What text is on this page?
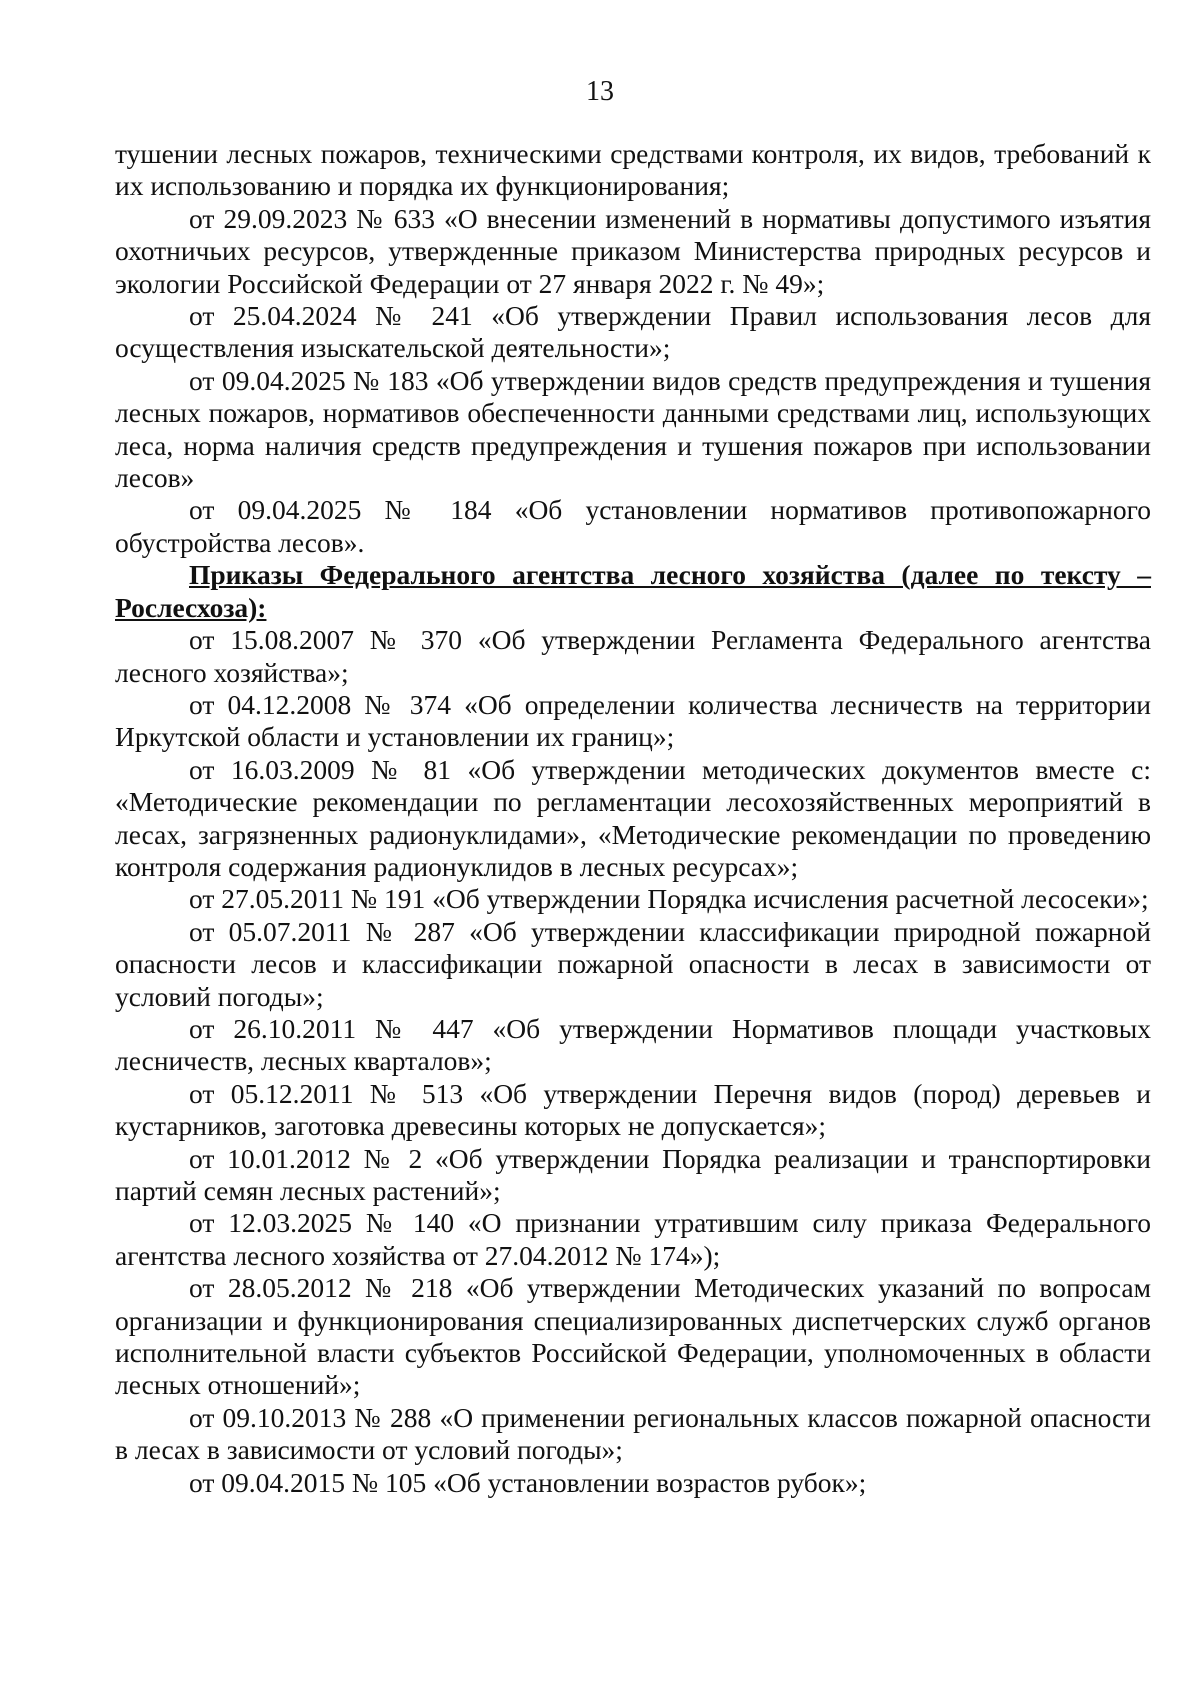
13

тушении лесных пожаров, техническими средствами контроля, их видов, требований к их использованию и порядка их функционирования;

от 29.09.2023 № 633 «О внесении изменений в нормативы допустимого изъятия охотничьих ресурсов, утвержденные приказом Министерства природных ресурсов и экологии Российской Федерации от 27 января 2022 г. № 49»;

от 25.04.2024 № 241 «Об утверждении Правил использования лесов для осуществления изыскательской деятельности»;

от 09.04.2025 № 183 «Об утверждении видов средств предупреждения и тушения лесных пожаров, нормативов обеспеченности данными средствами лиц, использующих леса, норма наличия средств предупреждения и тушения пожаров при использовании лесов»

от 09.04.2025 № 184 «Об установлении нормативов противопожарного обустройства лесов».

Приказы Федерального агентства лесного хозяйства (далее по тексту – Рослесхоза):

от 15.08.2007 № 370 «Об утверждении Регламента Федерального агентства лесного хозяйства»;

от 04.12.2008 № 374 «Об определении количества лесничеств на территории Иркутской области и установлении их границ»;

от 16.03.2009 № 81 «Об утверждении методических документов вместе с: «Методические рекомендации по регламентации лесохозяйственных мероприятий в лесах, загрязненных радионуклидами», «Методические рекомендации по проведению контроля содержания радионуклидов в лесных ресурсах»;

от 27.05.2011 № 191 «Об утверждении Порядка исчисления расчетной лесосеки»;

от 05.07.2011 № 287 «Об утверждении классификации природной пожарной опасности лесов и классификации пожарной опасности в лесах в зависимости от условий погоды»;

от 26.10.2011 № 447 «Об утверждении Нормативов площади участковых лесничеств, лесных кварталов»;

от 05.12.2011 № 513 «Об утверждении Перечня видов (пород) деревьев и кустарников, заготовка древесины которых не допускается»;

от 10.01.2012 № 2 «Об утверждении Порядка реализации и транспортировки партий семян лесных растений»;

от 12.03.2025 № 140 «О признании утратившим силу приказа Федерального агентства лесного хозяйства от 27.04.2012 № 174»);

от 28.05.2012 № 218 «Об утверждении Методических указаний по вопросам организации и функционирования специализированных диспетчерских служб органов исполнительной власти субъектов Российской Федерации, уполномоченных в области лесных отношений»;

от 09.10.2013 № 288 «О применении региональных классов пожарной опасности в лесах в зависимости от условий погоды»;

от 09.04.2015 № 105 «Об установлении возрастов рубок»;
